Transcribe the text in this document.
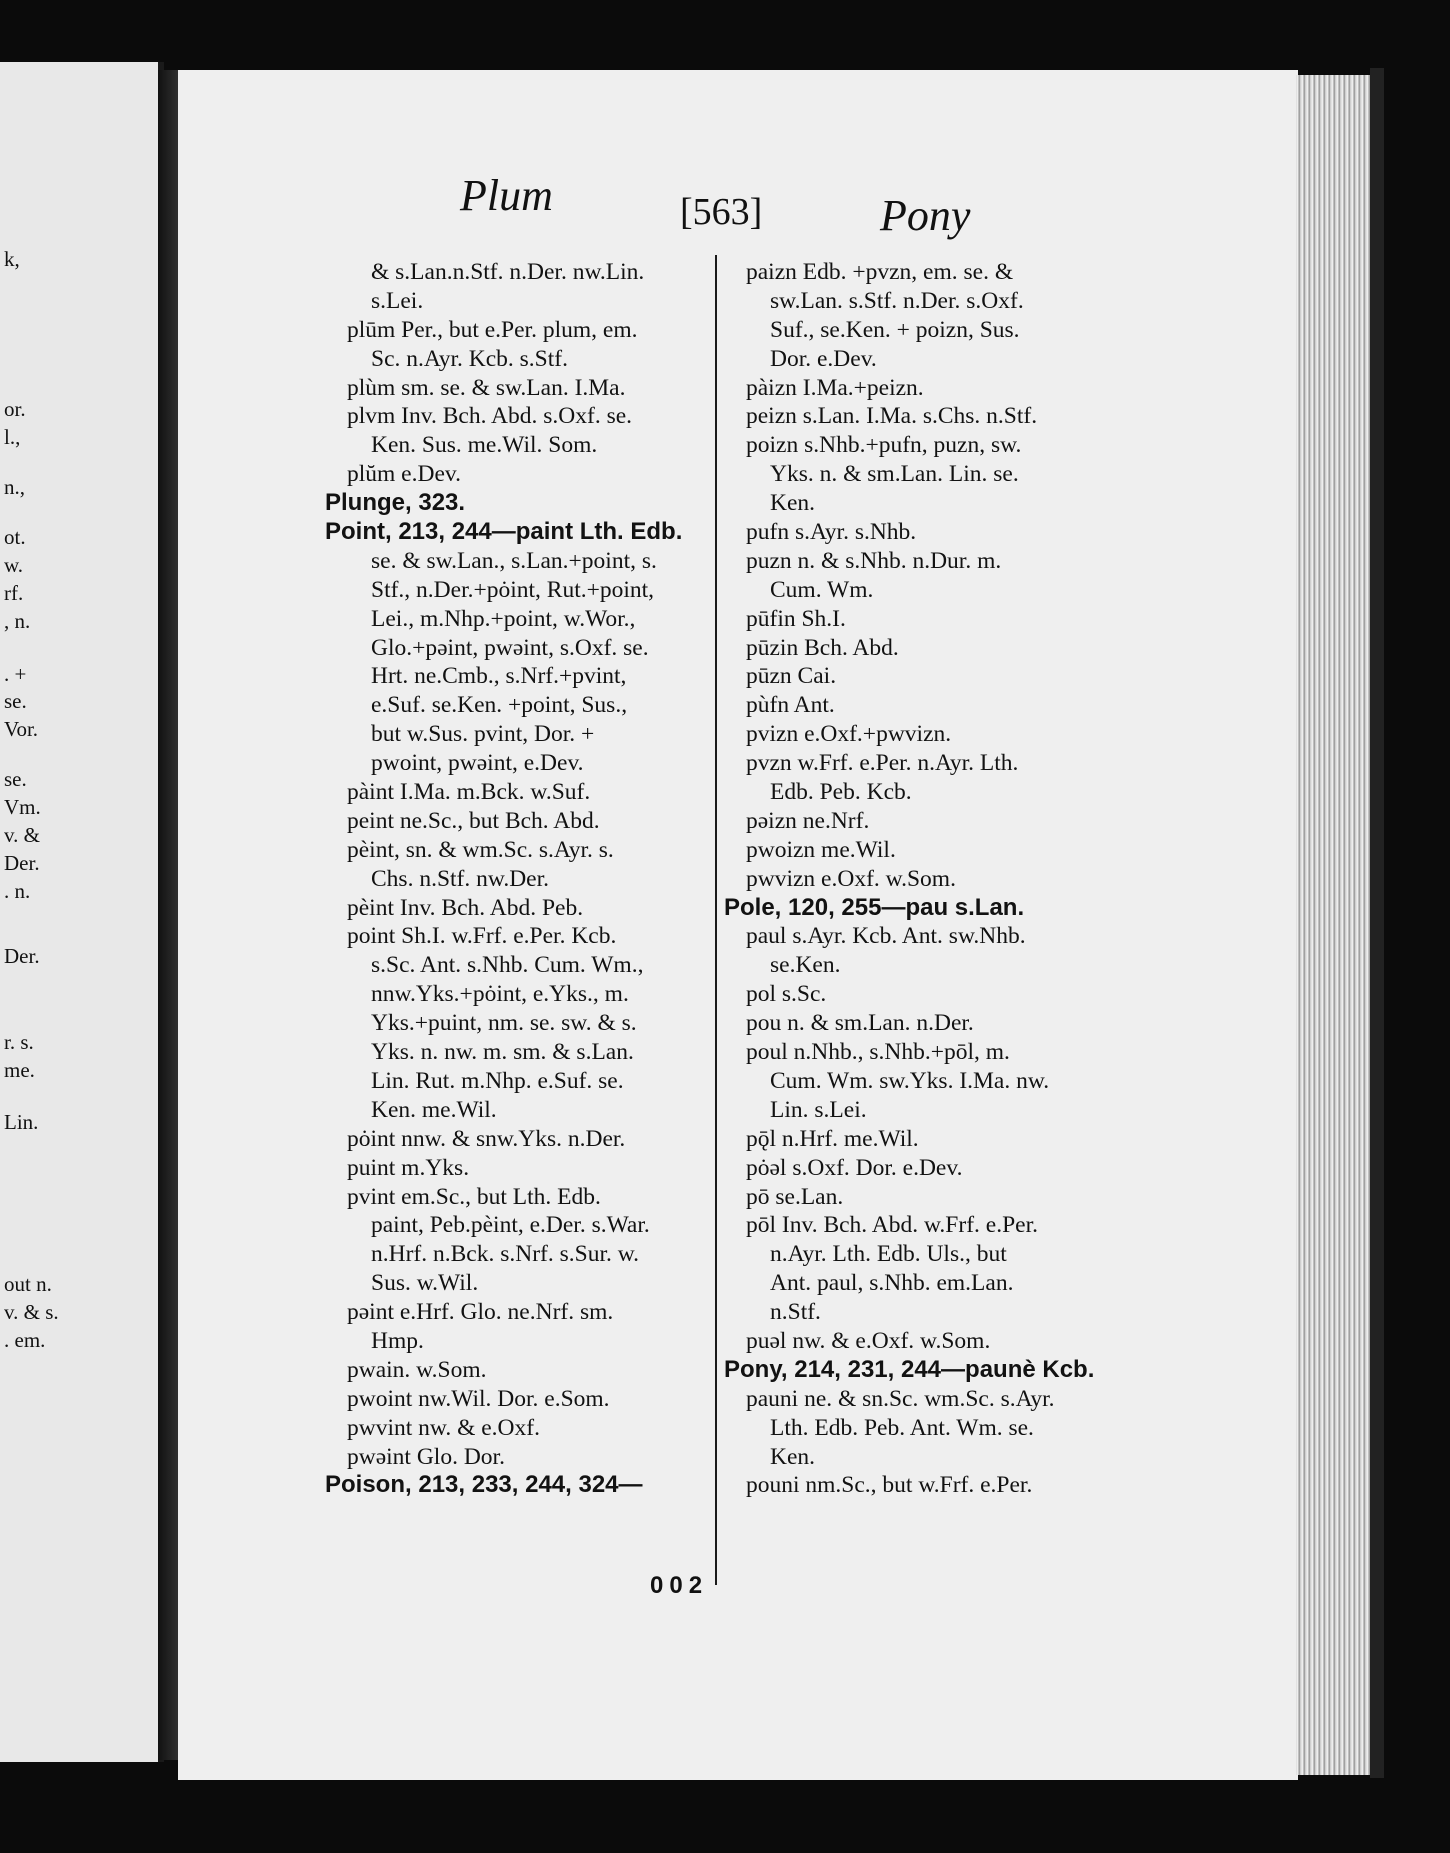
k,
or.
l.,
n.,
ot.
w.
rf.
, n.
. +
se.
Vor.
se.
Vm.
v. &
Der.
. n.
Der.
r. s.
me.
Lin.
out n.
v. & s.
. em.
Plum	[563]	Pony
& s.Lan.n.Stf. n.Der. nw.Lin.
s.Lei.
plūm Per., but e.Per. plum, em.
Sc. n.Ayr. Kcb. s.Stf.
plùm sm. se. & sw.Lan. I.Ma.
plvm Inv. Bch. Abd. s.Oxf. se.
Ken. Sus. me.Wil. Som.
plŭm e.Dev.
Plunge, 323.
Point, 213, 244—paint Lth. Edb.
se. & sw.Lan., s.Lan.+point, s.
Stf., n.Der.+pȯint, Rut.+point,
Lei., m.Nhp.+point, w.Wor.,
Glo.+pəint, pwəint, s.Oxf. se.
Hrt. ne.Cmb., s.Nrf.+pvint,
e.Suf. se.Ken. +point, Sus.,
but w.Sus. pvint, Dor. +
pwoint, pwəint, e.Dev.
pàint I.Ma. m.Bck. w.Suf.
peint ne.Sc., but Bch. Abd.
pèint, sn. & wm.Sc. s.Ayr. s.
Chs. n.Stf. nw.Der.
pèint Inv. Bch. Abd. Peb.
point Sh.I. w.Frf. e.Per. Kcb.
s.Sc. Ant. s.Nhb. Cum. Wm.,
nnw.Yks.+pȯint, e.Yks., m.
Yks.+puint, nm. se. sw. & s.
Yks. n. nw. m. sm. & s.Lan.
Lin. Rut. m.Nhp. e.Suf. se.
Ken. me.Wil.
pȯint nnw. & snw.Yks. n.Der.
puint m.Yks.
pvint em.Sc., but Lth. Edb.
paint, Peb.pèint, e.Der. s.War.
n.Hrf. n.Bck. s.Nrf. s.Sur. w.
Sus. w.Wil.
pəint e.Hrf. Glo. ne.Nrf. sm.
Hmp.
pwain. w.Som.
pwoint nw.Wil. Dor. e.Som.
pwvint nw. & e.Oxf.
pwəint Glo. Dor.
Poison, 213, 233, 244, 324—
paizn Edb. +pvzn, em. se. &
sw.Lan. s.Stf. n.Der. s.Oxf.
Suf., se.Ken. + poizn, Sus.
Dor. e.Dev.
pàizn I.Ma.+peizn.
peizn s.Lan. I.Ma. s.Chs. n.Stf.
poizn s.Nhb.+pufn, puzn, sw.
Yks. n. & sm.Lan. Lin. se.
Ken.
pufn s.Ayr. s.Nhb.
puzn n. & s.Nhb. n.Dur. m.
Cum. Wm.
pūfin Sh.I.
pūzin Bch. Abd.
pūzn Cai.
pùfn Ant.
pvizn e.Oxf.+pwvizn.
pvzn w.Frf. e.Per. n.Ayr. Lth.
Edb. Peb. Kcb.
pəizn ne.Nrf.
pwoizn me.Wil.
pwvizn e.Oxf. w.Som.
Pole, 120, 255—pau s.Lan.
paul s.Ayr. Kcb. Ant. sw.Nhb.
se.Ken.
pol s.Sc.
pou n. & sm.Lan. n.Der.
poul n.Nhb., s.Nhb.+pōl, m.
Cum. Wm. sw.Yks. I.Ma. nw.
Lin. s.Lei.
pǭl n.Hrf. me.Wil.
pȯəl s.Oxf. Dor. e.Dev.
pō se.Lan.
pōl Inv. Bch. Abd. w.Frf. e.Per.
n.Ayr. Lth. Edb. Uls., but
Ant. paul, s.Nhb. em.Lan.
n.Stf.
puəl nw. & e.Oxf. w.Som.
Pony, 214, 231, 244—paunè Kcb.
pauni ne. & sn.Sc. wm.Sc. s.Ayr.
Lth. Edb. Peb. Ant. Wm. se.
Ken.
pouni nm.Sc., but w.Frf. e.Per.
002
